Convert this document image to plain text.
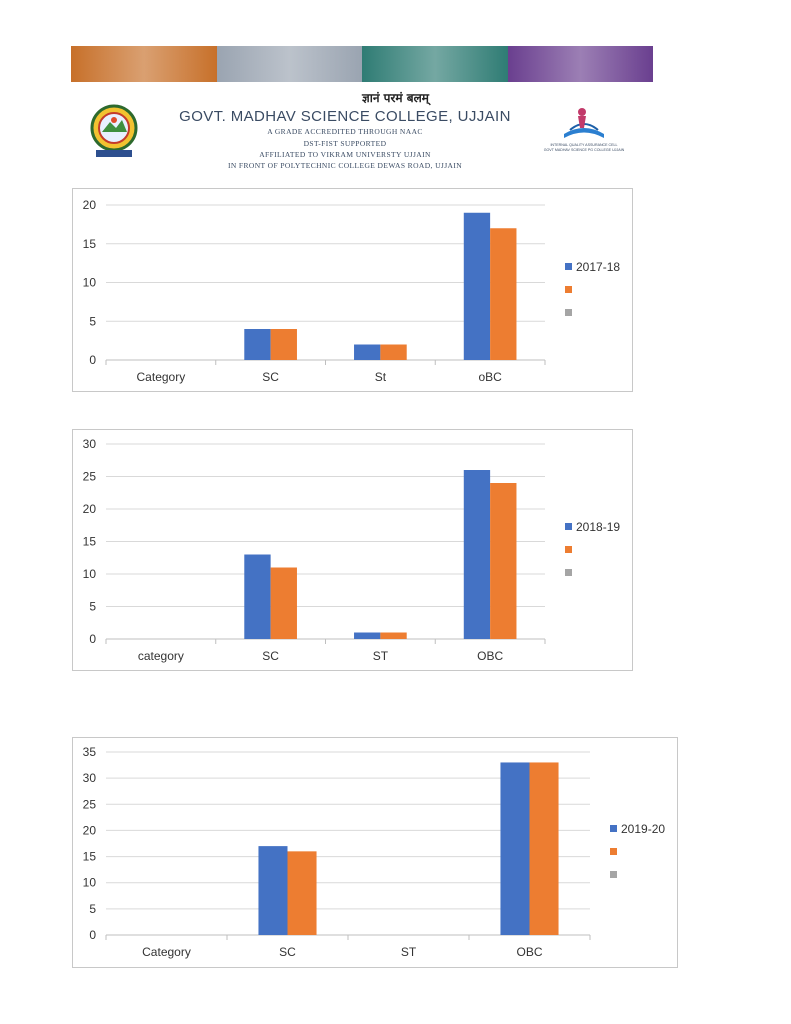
ज्ञानं परमं बलम्
GOVT. MADHAV SCIENCE COLLEGE, UJJAIN
A GRADE ACCREDITED THROUGH NAAC
DST-FIST SUPPORTED
AFFILIATED TO VIKRAM UNIVERSTY UJJAIN
IN FRONT OF POLYTECHNIC COLLEGE DEWAS ROAD, UJJAIN
INTERNAL QUALITY ASSURANCE CELL
GOVT MADHAV SCIENCE PG COLLEGE UJJAIN
0
5
10
15
20
Category	SC	St	oBC
2017-18
0
5
10
15
20
25
30
category	SC	ST	OBC
2018-19
0
5
10
15
20
25
30
35
Category	SC	ST	OBC
2019-20
